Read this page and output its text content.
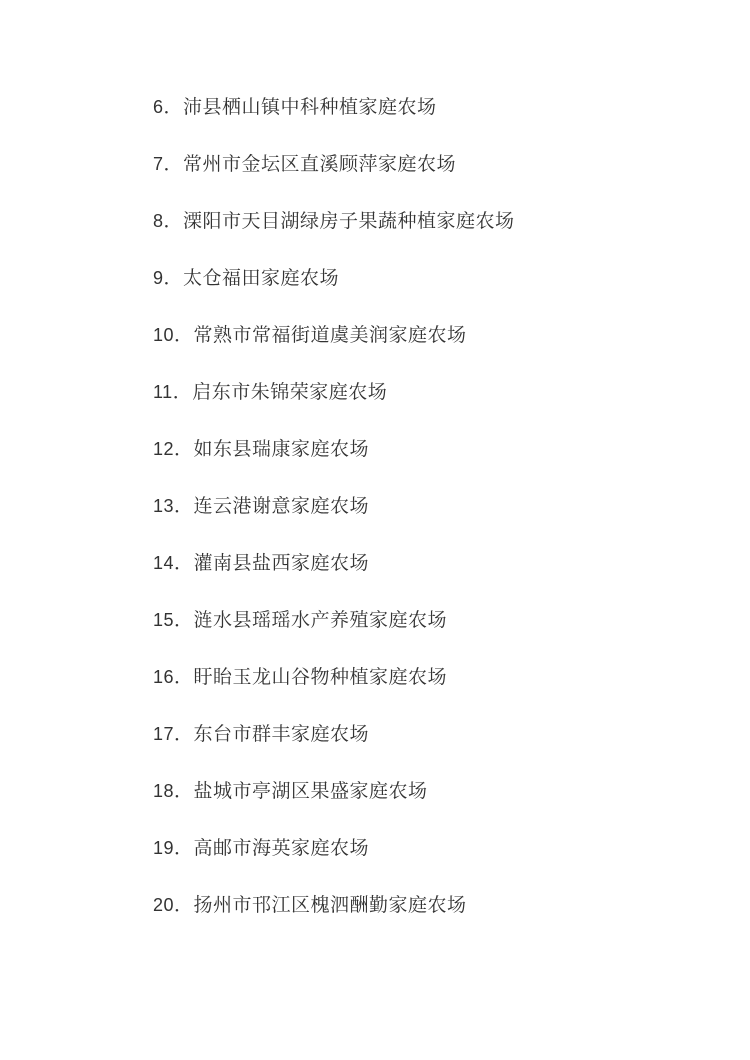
6．沛县栖山镇中科种植家庭农场
7．常州市金坛区直溪顾萍家庭农场
8．溧阳市天目湖绿房子果蔬种植家庭农场
9．太仓福田家庭农场
10．常熟市常福街道虞美润家庭农场
11．启东市朱锦荣家庭农场
12．如东县瑞康家庭农场
13．连云港谢意家庭农场
14．灌南县盐西家庭农场
15．涟水县瑶瑶水产养殖家庭农场
16．盱眙玉龙山谷物种植家庭农场
17．东台市群丰家庭农场
18．盐城市亭湖区果盛家庭农场
19．高邮市海英家庭农场
20．扬州市邗江区槐泗酬勤家庭农场
